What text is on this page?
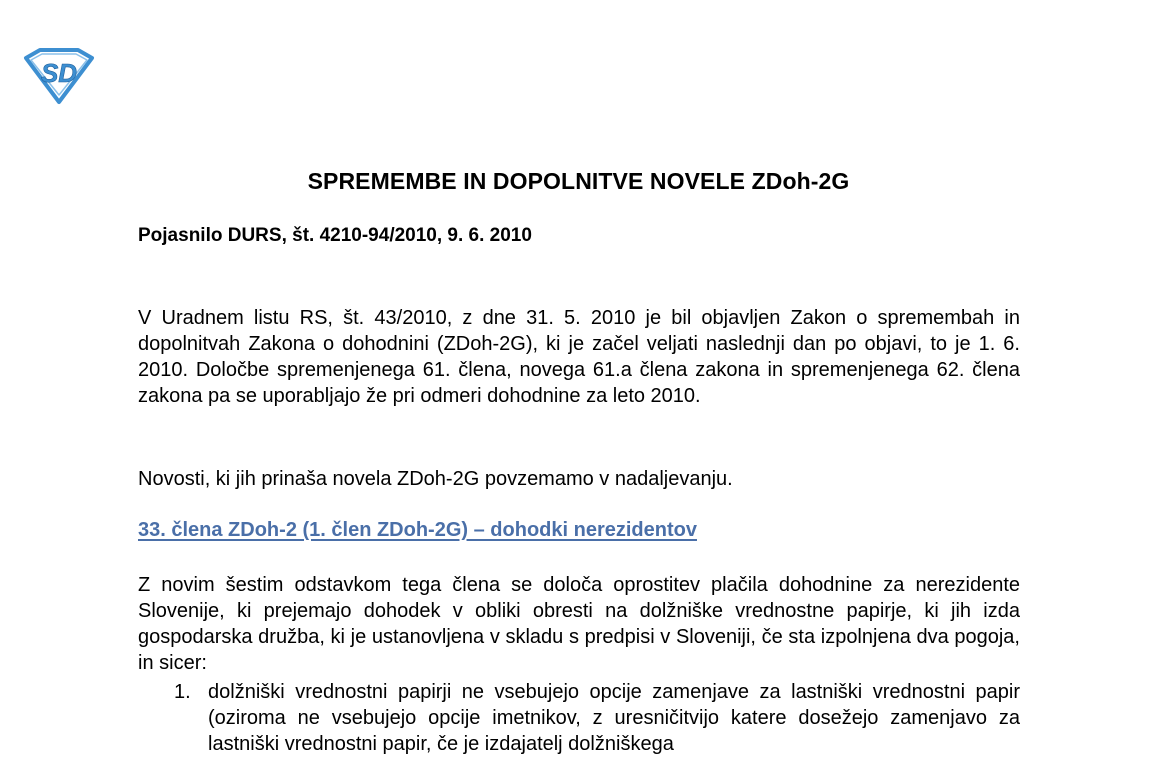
SD
SPREMEMBE IN DOPOLNITVE NOVELE ZDoh-2G
Pojasnilo DURS, št. 4210-94/2010, 9. 6. 2010
V Uradnem listu RS, št. 43/2010, z dne 31. 5. 2010 je bil objavljen Zakon o spremembah in dopolnitvah Zakona o dohodnini (ZDoh-2G), ki je začel veljati naslednji dan po objavi, to je 1. 6. 2010. Določbe spremenjenega 61. člena, novega 61.a člena zakona in spremenjenega 62. člena zakona pa se uporabljajo že pri odmeri dohodnine za leto 2010.
Novosti, ki jih prinaša novela ZDoh-2G povzemamo v nadaljevanju.
33. člena ZDoh-2 (1. člen ZDoh-2G) – dohodki nerezidentov
Z novim šestim odstavkom tega člena se določa oprostitev plačila dohodnine za nerezidente Slovenije, ki prejemajo dohodek v obliki obresti na dolžniške vrednostne papirje, ki jih izda gospodarska družba, ki je ustanovljena v skladu s predpisi v Sloveniji, če sta izpolnjena dva pogoja, in sicer:
1. dolžniški vrednostni papirji ne vsebujejo opcije zamenjave za lastniški vrednostni papir (oziroma ne vsebujejo opcije imetnikov, z uresničitvijo katere dosežejo zamenjavo za lastniški vrednostni papir, če je izdajatelj dolžniškega
